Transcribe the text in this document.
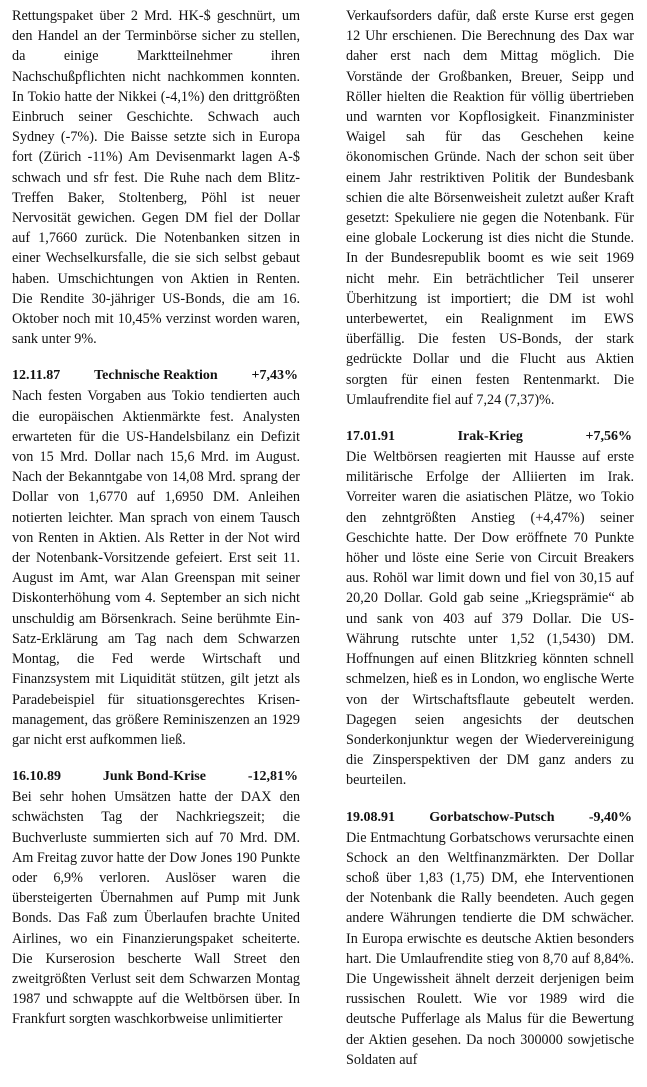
Rettungspaket über 2 Mrd. HK-$ geschnürt, um den Handel an der Terminbörse sicher zu stellen, da einige Marktteilnehmer ihren Nachschußpflichten nicht nachkommen konnten. In Tokio hatte der Nikkei (-4,1%) den drittgrößten Einbruch seiner Geschichte. Schwach auch Sydney (-7%). Die Baisse setzte sich in Europa fort (Zürich -11%) Am Devisenmarkt lagen A-$ schwach und sfr fest. Die Ruhe nach dem Blitz-Treffen Baker, Stoltenberg, Pöhl ist neuer Nervosität gewichen. Gegen DM fiel der Dollar auf 1,7660 zurück. Die Notenbanken sitzen in einer Wechselkursfalle, die sie sich selbst gebaut haben. Umschichtungen von Aktien in Renten. Die Rendite 30-jähriger US-Bonds, die am 16. Oktober noch mit 10,45% verzinst worden waren, sank unter 9%.

12.11.87 Technische Reaktion +7,43%

Nach festen Vorgaben aus Tokio tendierten auch die europäischen Aktienmärkte fest. Analysten erwarteten für die US-Handelsbilanz ein Defizit von 15 Mrd. Dollar nach 15,6 Mrd. im August. Nach der Bekanntgabe von 14,08 Mrd. sprang der Dollar von 1,6770 auf 1,6950 DM. Anleihen notierten leichter. Man sprach von einem Tausch von Renten in Aktien. Als Retter in der Not wird der Notenbank-Vorsitzende gefeiert. Erst seit 11. August im Amt, war Alan Greenspan mit seiner Diskonterhöhung vom 4. September an sich nicht unschuldig am Börsenkrach. Seine berühmte Ein-Satz-Erklärung am Tag nach dem Schwarzen Montag, die Fed werde Wirtschaft und Finanzsystem mit Liquidität stützen, gilt jetzt als Paradebeispiel für situationsgerechtes Krisen-management, das größere Reminiszenzen an 1929 gar nicht erst aufkommen ließ.

16.10.89	Junk Bond-Krise	-12,81%

Bei sehr hohen Umsätzen hatte der DAX den schwächsten Tag der Nachkriegszeit; die Buchverluste summierten sich auf 70 Mrd. DM. Am Freitag zuvor hatte der Dow Jones 190 Punkte oder 6,9% verloren. Auslöser waren die übersteigerten Übernahmen auf Pump mit Junk Bonds. Das Faß zum Überlaufen brachte United Airlines, wo ein Finanzierungspaket scheiterte. Die Kurserosion bescherte Wall Street den zweitgrößten Verlust seit dem Schwarzen Montag 1987 und schwappte auf die Weltbörsen über. In Frankfurt sorgten waschkorbweise unlimitierter

Verkaufsorders dafür, daß erste Kurse erst gegen 12 Uhr erschienen. Die Berechnung des Dax war daher erst nach dem Mittag möglich. Die Vorstände der Großbanken, Breuer, Seipp und Röller hielten die Reaktion für völlig übertrieben und warnten vor Kopflosigkeit. Finanzminister Waigel sah für das Geschehen keine ökonomischen Gründe. Nach der schon seit über einem Jahr restriktiven Politik der Bundesbank schien die alte Börsenweisheit zuletzt außer Kraft gesetzt: Spekuliere nie gegen die Notenbank. Für eine globale Lockerung ist dies nicht die Stunde. In der Bundesrepublik boomt es wie seit 1969 nicht mehr. Ein beträchtlicher Teil unserer Überhitzung ist importiert; die DM ist wohl unterbewertet, ein Realignment im EWS überfällig. Die festen US-Bonds, der stark gedrückte Dollar und die Flucht aus Aktien sorgten für einen festen Rentenmarkt. Die Umlaufrendite fiel auf 7,24 (7,37)%.

17.01.91	Irak-Krieg	+7,56%

Die Weltbörsen reagierten mit Hausse auf erste militärische Erfolge der Alliierten im Irak. Vorreiter waren die asiatischen Plätze, wo Tokio den zehntgrößten Anstieg (+4,47%) seiner Geschichte hatte. Der Dow eröffnete 70 Punkte höher und löste eine Serie von Circuit Breakers aus. Rohöl war limit down und fiel von 30,15 auf 20,20 Dollar. Gold gab seine „Kriegsprämie“ ab und sank von 403 auf 379 Dollar. Die US-Währung rutschte unter 1,52 (1,5430) DM. Hoffnungen auf einen Blitzkrieg könnten schnell schmelzen, hieß es in London, wo englische Werte von der Wirtschaftsflaute gebeutelt werden. Dagegen seien angesichts der deutschen Sonderkonjunktur wegen der Wiedervereinigung die Zinsperspektiven der DM ganz anders zu beurteilen.

19.08.91 Gorbatschow-Putsch -9,40%

Die Entmachtung Gorbatschows verursachte einen Schock an den Weltfinanzmärkten. Der Dollar schoß über 1,83 (1,75) DM, ehe Interventionen der Notenbank die Rally beendeten. Auch gegen andere Währungen tendierte die DM schwächer. In Europa erwischte es deutsche Aktien besonders hart. Die Umlaufrendite stieg von 8,70 auf 8,84%. Die Ungewissheit ähnelt derzeit derjenigen beim russischen Roulett. Wie vor 1989 wird die deutsche Pufferlage als Malus für die Bewertung der Aktien gesehen. Da noch 300000 sowjetische Soldaten auf
